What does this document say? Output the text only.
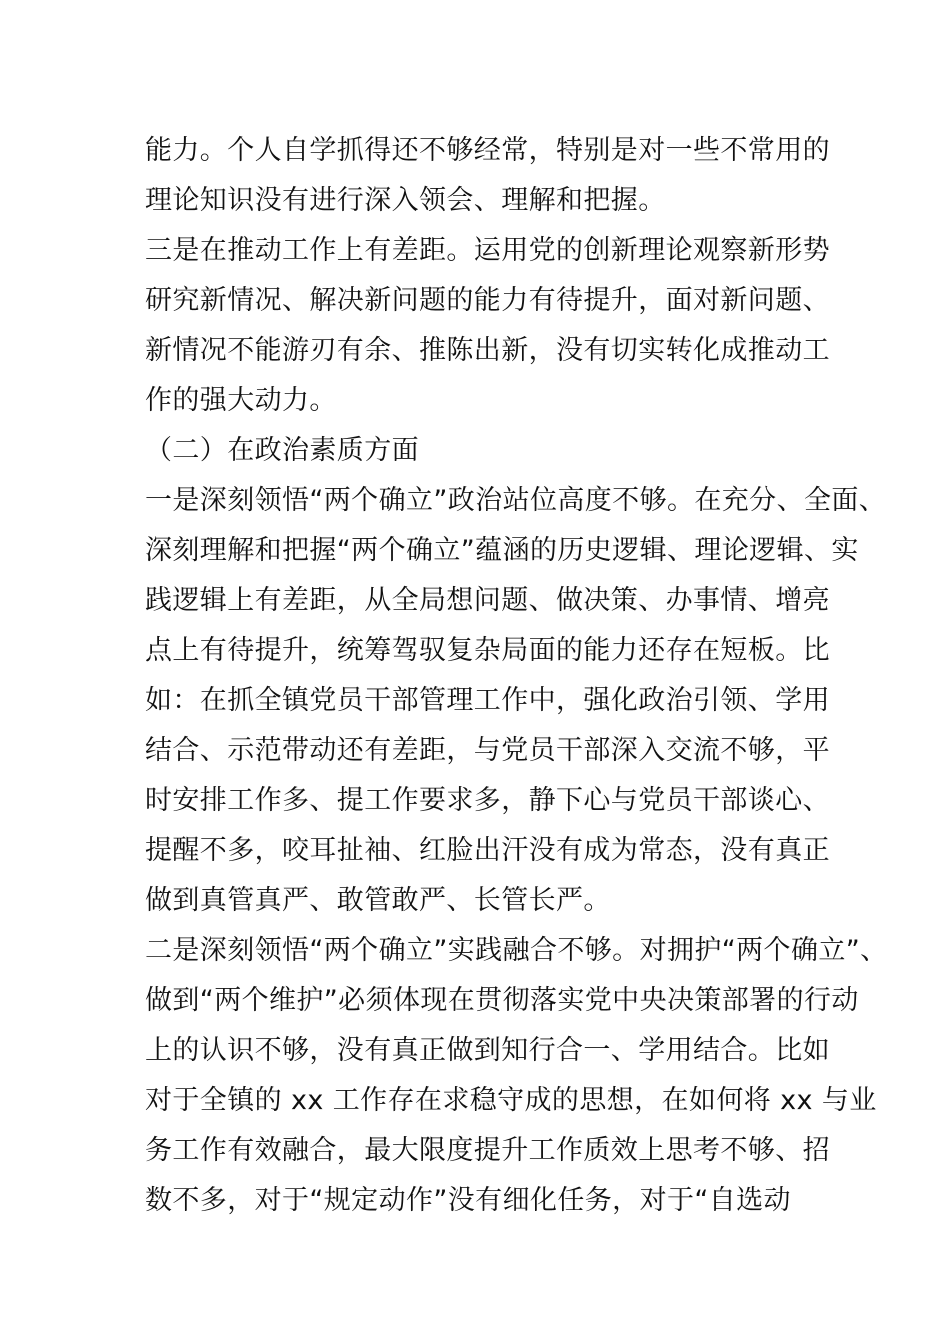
能力。个人自学抓得还不够经常，特别是对一些不常用的
理论知识没有进行深入领会、理解和把握。
三是在推动工作上有差距。运用党的创新理论观察新形势
研究新情况、解决新问题的能力有待提升，面对新问题、
新情况不能游刃有余、推陈出新，没有切实转化成推动工
作的强大动力。
（二）在政治素质方面
一是深刻领悟“两个确立”政治站位高度不够。在充分、全面、
深刻理解和把握“两个确立”蕴涵的历史逻辑、理论逻辑、实
践逻辑上有差距，从全局想问题、做决策、办事情、增亮
点上有待提升，统筹驾驭复杂局面的能力还存在短板。比
如：在抓全镇党员干部管理工作中，强化政治引领、学用
结合、示范带动还有差距，与党员干部深入交流不够，平
时安排工作多、提工作要求多，静下心与党员干部谈心、
提醒不多，咬耳扯袖、红脸出汗没有成为常态，没有真正
做到真管真严、敢管敢严、长管长严。
二是深刻领悟“两个确立”实践融合不够。对拥护“两个确立”、
做到“两个维护”必须体现在贯彻落实党中央决策部署的行动
上的认识不够，没有真正做到知行合一、学用结合。比如
对于全镇的 xx 工作存在求稳守成的思想，在如何将 xx 与业
务工作有效融合，最大限度提升工作质效上思考不够、招
数不多，对于“规定动作”没有细化任务，对于“自选动
